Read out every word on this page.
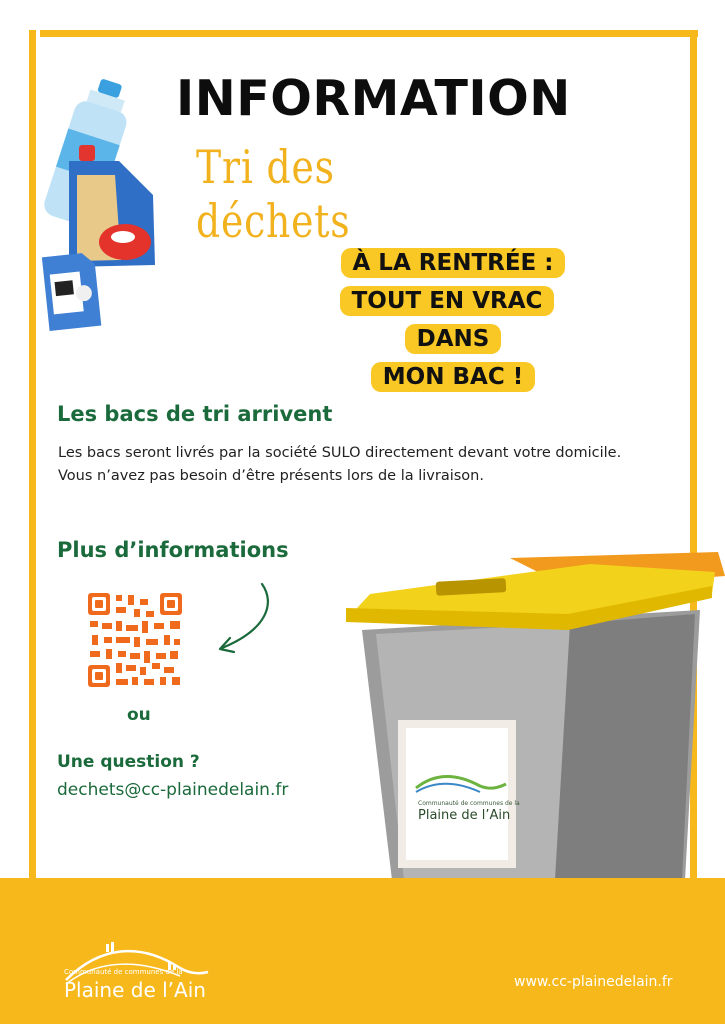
INFORMATION
Tri des déchets
À LA RENTRÉE :
TOUT EN VRAC DANS
MON BAC !
Les bacs de tri arrivent
Les bacs seront livrés par la société SULO directement devant votre domicile.
Vous n’avez pas besoin d’être présents lors de la livraison.
Plus d’informations
ou
Une question ?
dechets@cc-plainedelain.fr
Communauté de communes de la
Plaine de l’Ain
Communauté de communes de la
Plaine de l’Ain	www.cc-plainedelain.fr
